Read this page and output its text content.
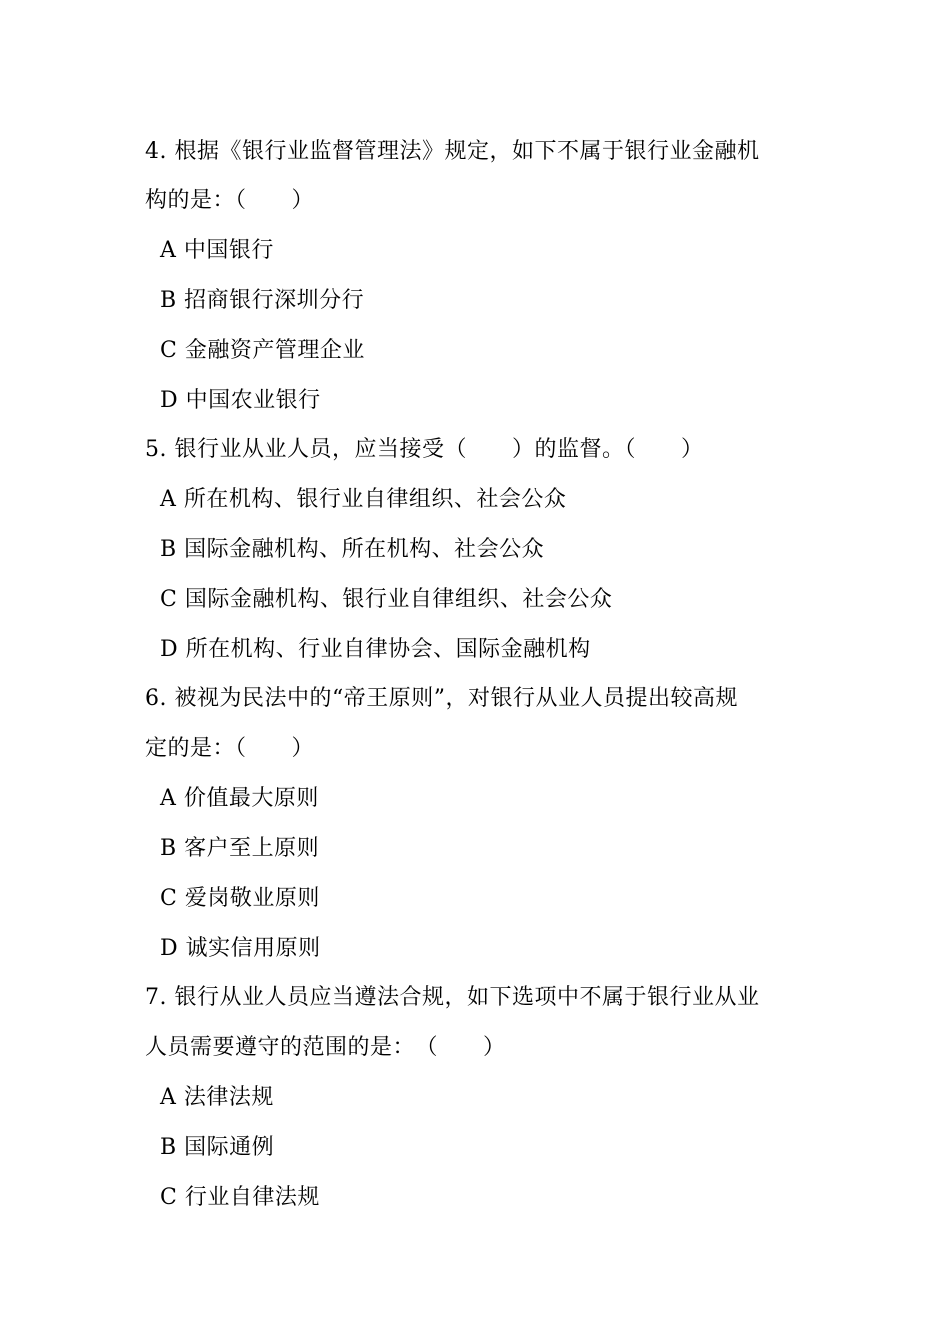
4. 根据《银行业监督管理法》规定，如下不属于银行业金融机
构的是：（　　）
A 中国银行
B 招商银行深圳分行
C 金融资产管理企业
D 中国农业银行
5. 银行业从业人员，应当接受（　　）的监督。（　　）
A 所在机构、银行业自律组织、社会公众
B 国际金融机构、所在机构、社会公众
C 国际金融机构、银行业自律组织、社会公众
D 所在机构、行业自律协会、国际金融机构
6. 被视为民法中的“帝王原则”，对银行从业人员提出较高规
定的是：（　　）
A 价值最大原则
B 客户至上原则
C 爱岗敬业原则
D 诚实信用原则
7. 银行从业人员应当遵法合规，如下选项中不属于银行业从业
人员需要遵守的范围的是：　（　　）
A 法律法规
B 国际通例
C 行业自律法规
